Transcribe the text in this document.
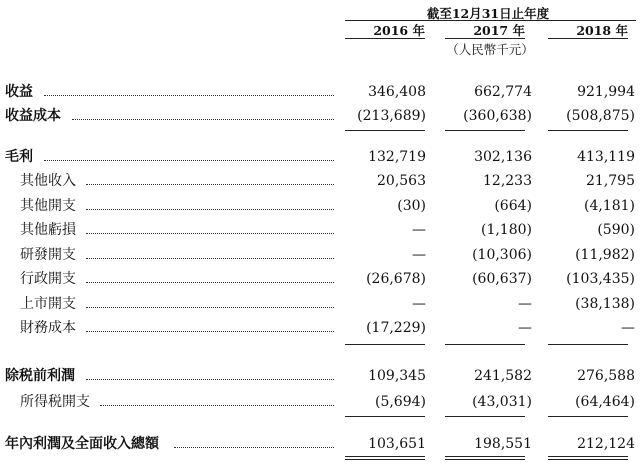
截至12月31日止年度
2016 年	2017 年	2018 年
（人民幣千元）
收益	346,408	662,774	921,994
收益成本	(213,689)	(360,638)	(508,875)
毛利	132,719	302,136	413,119
其他收入	20,563	12,233	21,795
其他開支	(30)	(664)	(4,181)
其他虧損	—	(1,180)	(590)
研發開支	—	(10,306)	(11,982)
行政開支	(26,678)	(60,637)	(103,435)
上市開支	—	—	(38,138)
財務成本	(17,229)	—	—
除税前利潤	109,345	241,582	276,588
所得税開支	(5,694)	(43,031)	(64,464)
年內利潤及全面收入總額	103,651	198,551	212,124
